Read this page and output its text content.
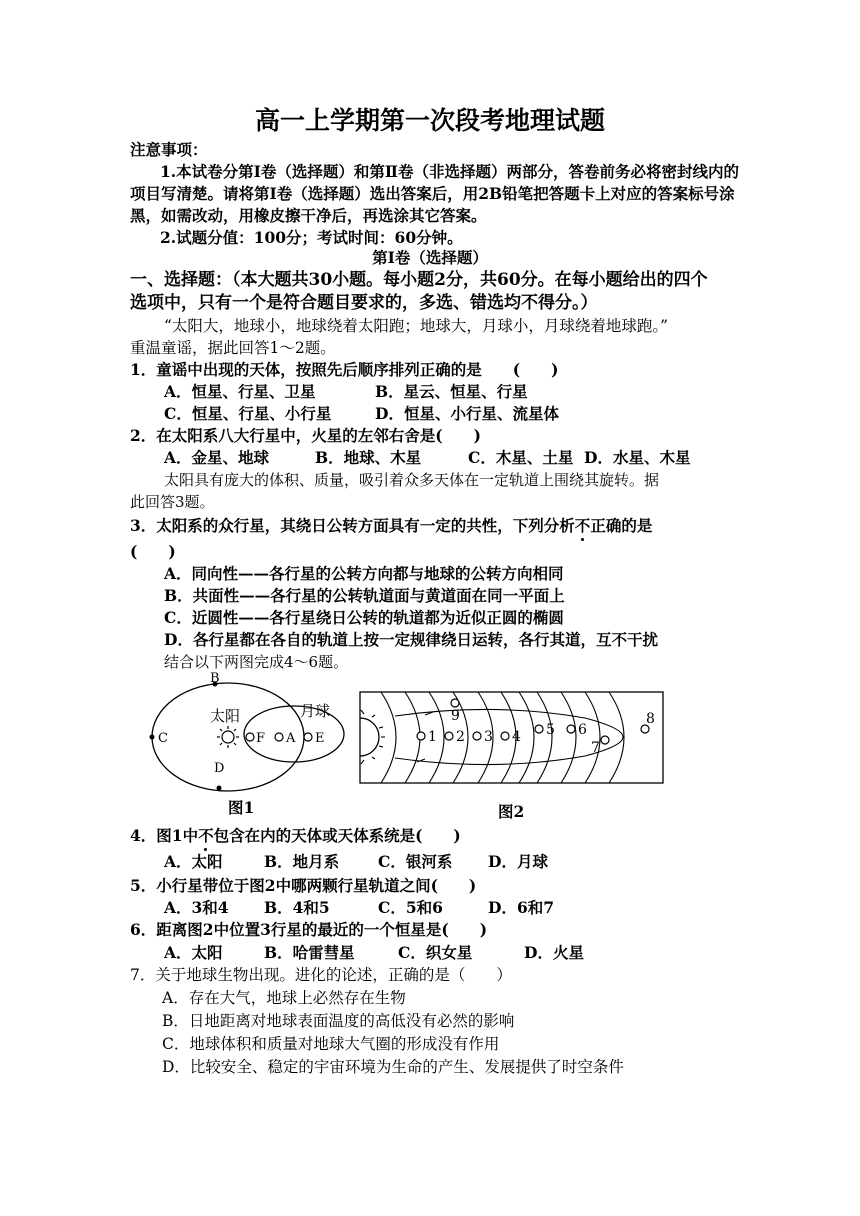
高一上学期第一次段考地理试题
注意事项：
1.本试卷分第Ⅰ卷（选择题）和第Ⅱ卷（非选择题）两部分，答卷前务必将密封线内的
项目写清楚。请将第Ⅰ卷（选择题）选出答案后，用2B铅笔把答题卡上对应的答案标号涂
黑，如需改动，用橡皮擦干净后，再选涂其它答案。
2.试题分值：100分；考试时间：60分钟。
第Ⅰ卷（选择题）
一、选择题：（本大题共30小题。每小题2分，共60分。在每小题给出的四个
选项中，只有一个是符合题目要求的，多选、错选均不得分。）
“太阳大，地球小，地球绕着太阳跑；地球大，月球小，月球绕着地球跑。”
重温童谣，据此回答1～2题。
1．童谣中出现的天体，按照先后顺序排列正确的是　　(　　)
A．恒星、行星、卫星	B．星云、恒星、行星
C．恒星、行星、小行星	D．恒星、小行星、流星体
2．在太阳系八大行星中，火星的左邻右舍是(　　)
A．金星、地球	B．地球、木星	C．木星、土星 D．水星、木星
太阳具有庞大的体积、质量，吸引着众多天体在一定轨道上围绕其旋转。据
此回答3题。
3．太阳系的众行星，其绕日公转方面具有一定的共性，下列分析不正确的是
(　　)
A．同向性——各行星的公转方向都与地球的公转方向相同
B．共面性——各行星的公转轨道面与黄道面在同一平面上
C．近圆性——各行星绕日公转的轨道都为近似正圆的椭圆
D．各行星都在各自的轨道上按一定规律绕日运转，各行其道，互不干扰
结合以下两图完成4～6题。
B
C
D
F A E
太阳	月球
图1
1 2 3 4 5 6
7
8
9
图2
4．图1中不包含在内的天体或天体系统是(　　)
A．太阳	B．地月系	C．银河系 D．月球
5．小行星带位于图2中哪两颗行星轨道之间(　　)
A．3和4 B．4和5	C．5和6	D．6和7
6．距离图2中位置3行星的最近的一个恒星是(　　)
A．太阳	B．哈雷彗星	C．织女星	D．火星
7．关于地球生物出现。进化的论述，正确的是（　　）
A．存在大气，地球上必然存在生物
B．日地距离对地球表面温度的高低没有必然的影响
C．地球体积和质量对地球大气圈的形成没有作用
D．比较安全、稳定的宇宙环境为生命的产生、发展提供了时空条件
